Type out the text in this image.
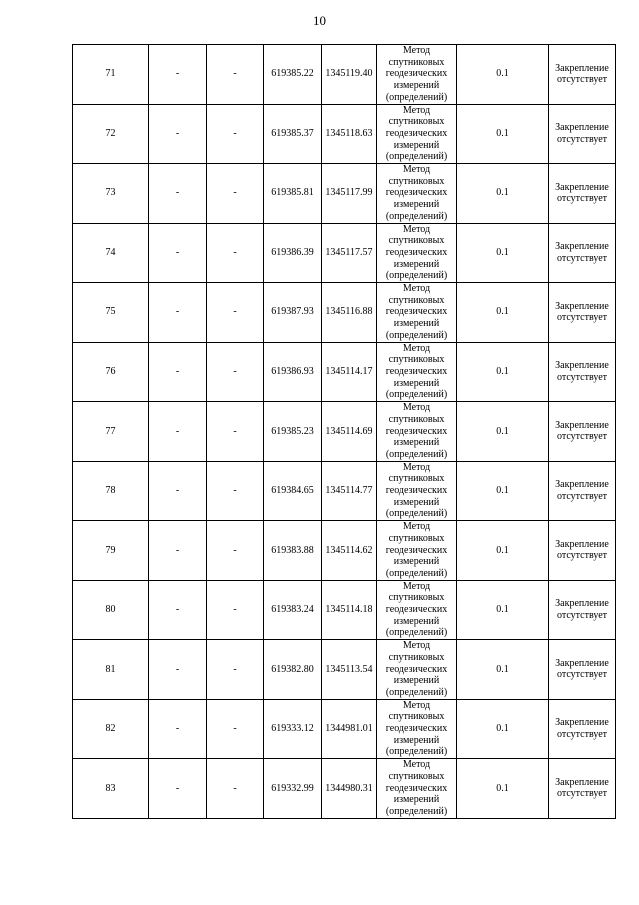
10
71	-	-	619385.22	1345119.40	Метод
спутниковых
геодезических
измерений
(определений)	0.1	Закрепление
отсутствует

72	-	-	619385.37	1345118.63	Метод
спутниковых
геодезических
измерений
(определений)	0.1	Закрепление
отсутствует

73	-	-	619385.81	1345117.99	Метод
спутниковых
геодезических
измерений
(определений)	0.1	Закрепление
отсутствует

74	-	-	619386.39	1345117.57	Метод
спутниковых
геодезических
измерений
(определений)	0.1	Закрепление
отсутствует

75	-	-	619387.93	1345116.88	Метод
спутниковых
геодезических
измерений
(определений)	0.1	Закрепление
отсутствует

76	-	-	619386.93	1345114.17	Метод
спутниковых
геодезических
измерений
(определений)	0.1	Закрепление
отсутствует

77	-	-	619385.23	1345114.69	Метод
спутниковых
геодезических
измерений
(определений)	0.1	Закрепление
отсутствует

78	-	-	619384.65	1345114.77	Метод
спутниковых
геодезических
измерений
(определений)	0.1	Закрепление
отсутствует

79	-	-	619383.88	1345114.62	Метод
спутниковых
геодезических
измерений
(определений)	0.1	Закрепление
отсутствует

80	-	-	619383.24	1345114.18	Метод
спутниковых
геодезических
измерений
(определений)	0.1	Закрепление
отсутствует

81	-	-	619382.80	1345113.54	Метод
спутниковых
геодезических
измерений
(определений)	0.1	Закрепление
отсутствует

82	-	-	619333.12	1344981.01	Метод
спутниковых
геодезических
измерений
(определений)	0.1	Закрепление
отсутствует

83	-	-	619332.99	1344980.31	Метод
спутниковых
геодезических
измерений
(определений)	0.1	Закрепление
отсутствует
